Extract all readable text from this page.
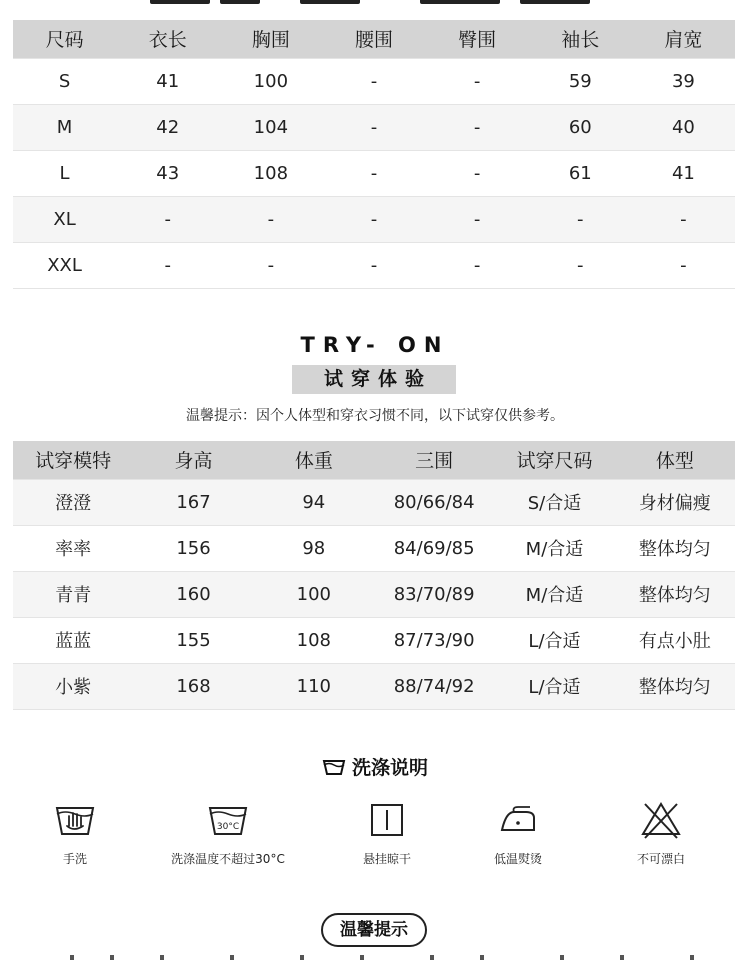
尺码	衣长	胸围	腰围	臀围	袖长	肩宽
S	41	100	-	-	59	39
M	42	104	-	-	60	40
L	43	108	-	-	61	41
XL	-	-	-	-	-	-
XXL	-	-	-	-	-	-
TRY- ON
试穿体验
温馨提示：因个人体型和穿衣习惯不同，以下试穿仅供参考。
试穿模特	身高	体重	三围	试穿尺码	体型
澄澄	167	94	80/66/84	S/合适	身材偏瘦
率率	156	98	84/69/85	M/合适	整体均匀
青青	160	100	83/70/89	M/合适	整体均匀
蓝蓝	155	108	87/73/90	L/合适	有点小肚
小紫	168	110	88/74/92	L/合适	整体均匀
洗涤说明
手洗
30°C
洗涤温度不超过30°C	悬挂晾干	低温熨烫	不可漂白
温馨提示
